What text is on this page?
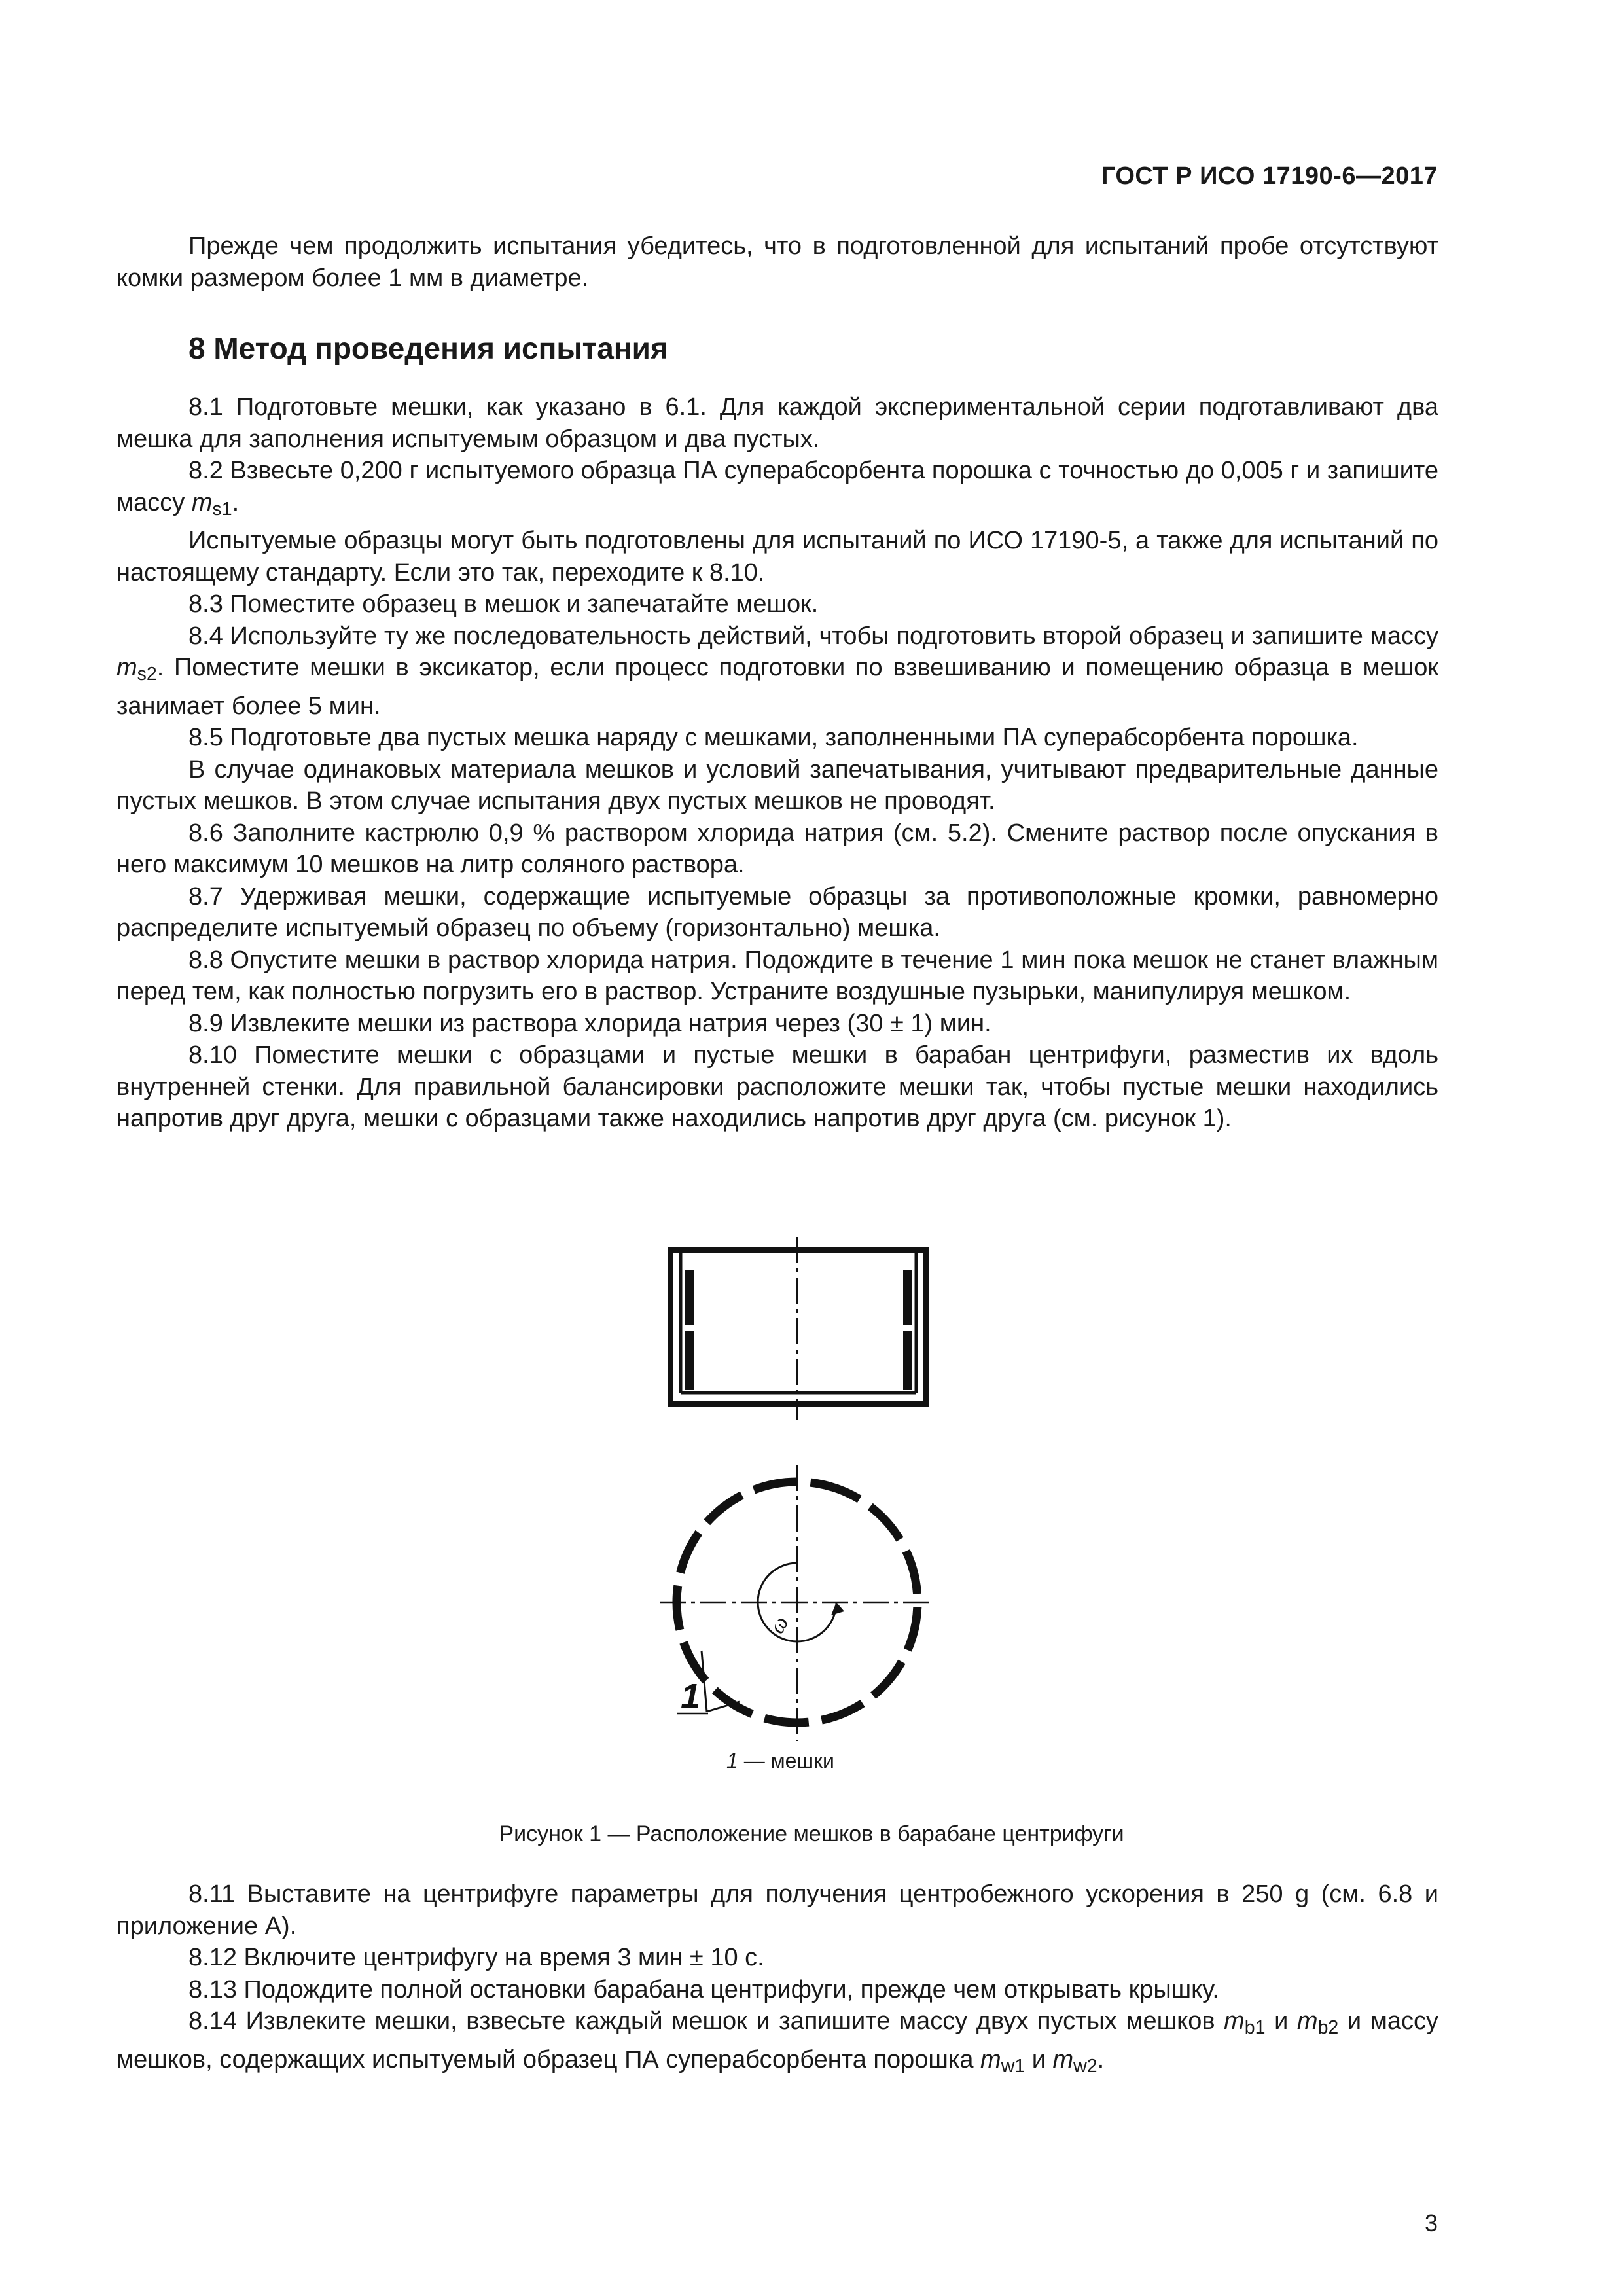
ГОСТ Р ИСО 17190-6—2017

Прежде чем продолжить испытания убедитесь, что в подготовленной для испытаний пробе отсутствуют комки размером более 1 мм в диаметре.

8 Метод проведения испытания

8.1 Подготовьте мешки, как указано в 6.1. Для каждой экспериментальной серии подготавливают два мешка для заполнения испытуемым образцом и два пустых.

8.2 Взвесьте 0,200 г испытуемого образца ПА суперабсорбента порошка с точностью до 0,005 г и запишите массу $m_{s1}$.

Испытуемые образцы могут быть подготовлены для испытаний по ИСО 17190-5, а также для испытаний по настоящему стандарту. Если это так, переходите к 8.10.

8.3 Поместите образец в мешок и запечатайте мешок.

8.4 Используйте ту же последовательность действий, чтобы подготовить второй образец и запишите массу $m_{s2}$. Поместите мешки в эксикатор, если процесс подготовки по взвешиванию и помещению образца в мешок занимает более 5 мин.

8.5 Подготовьте два пустых мешка наряду с мешками, заполненными ПА суперабсорбента порошка.

В случае одинаковых материала мешков и условий запечатывания, учитывают предварительные данные пустых мешков. В этом случае испытания двух пустых мешков не проводят.

8.6 Заполните кастрюлю 0,9 % раствором хлорида натрия (см. 5.2). Смените раствор после опускания в него максимум 10 мешков на литр соляного раствора.

8.7 Удерживая мешки, содержащие испытуемые образцы за противоположные кромки, равномерно распределите испытуемый образец по объему (горизонтально) мешка.

8.8 Опустите мешки в раствор хлорида натрия. Подождите в течение 1 мин пока мешок не станет влажным перед тем, как полностью погрузить его в раствор. Устраните воздушные пузырьки, манипулируя мешком.

8.9 Извлеките мешки из раствора хлорида натрия через (30 ± 1) мин.

8.10 Поместите мешки с образцами и пустые мешки в барабан центрифуги, разместив их вдоль внутренней стенки. Для правильной балансировки расположите мешки так, чтобы пустые мешки находились напротив друг друга, мешки с образцами также находились напротив друг друга (см. рисунок 1).

1
ω
1 — мешки
Рисунок 1 — Расположение мешков в барабане центрифуги

8.11 Выставите на центрифуге параметры для получения центробежного ускорения в 250 g (см. 6.8 и приложение А).

8.12 Включите центрифугу на время 3 мин ± 10 с.

8.13 Подождите полной остановки барабана центрифуги, прежде чем открывать крышку.

8.14 Извлеките мешки, взвесьте каждый мешок и запишите массу двух пустых мешков $m_{b1}$ и $m_{b2}$ и массу мешков, содержащих испытуемый образец ПА суперабсорбента порошка $m_{w1}$ и $m_{w2}$.

3
